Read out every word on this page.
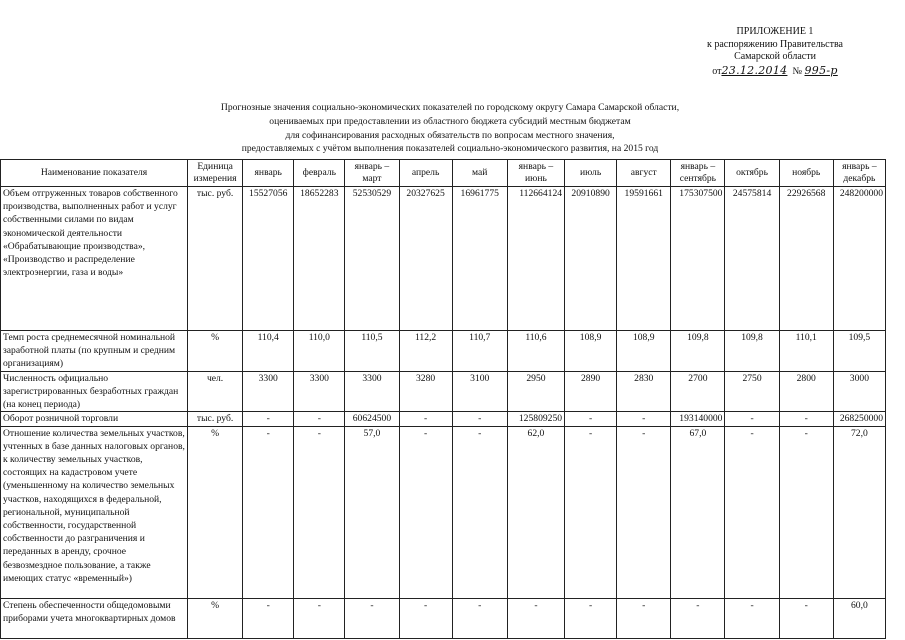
ПРИЛОЖЕНИЕ 1
к распоряжению Правительства
Самарской области
от23.12.2014 № 995-р
Прогнозные значения социально-экономических показателей по городскому округу Самара Самарской области,
оцениваемых при предоставлении из областного бюджета субсидий местным бюджетам
для софинансирования расходных обязательств по вопросам местного значения,
предоставляемых с учётом выполнения показателей социально-экономического развития, на 2015 год
Наименование показателя	Единица измерения	январь	февраль	январь – март	апрель	май	январь – июнь	июль	август	январь – сентябрь	октябрь	ноябрь	январь – декабрь
Объем отгруженных товаров собственного производства, выполненных работ и услуг собственными силами по видам экономической деятельности «Обрабатывающие производства», «Производство и распределение электроэнергии, газа и воды»	тыс. руб.	15527056	18652283	52530529	20327625	16961775	112664124	20910890	19591661	175307500	24575814	22926568	248200000
Темп роста среднемесячной номинальной заработной платы (по крупным и средним организациям)	%	110,4	110,0	110,5	112,2	110,7	110,6	108,9	108,9	109,8	109,8	110,1	109,5
Численность официально зарегистрированных безработных граждан (на конец периода)	чел.	3300	3300	3300	3280	3100	2950	2890	2830	2700	2750	2800	3000
Оборот розничной торговли	тыс. руб.	-	-	60624500	-	-	125809250	-	-	193140000	-	-	268250000
Отношение количества земельных участков, учтенных в базе данных налоговых органов, к количеству земельных участков, состоящих на кадастровом учете (уменьшенному на количество земельных участков, находящихся в федеральной, региональной, муниципальной собственности, государственной собственности до разграничения и переданных в аренду, срочное безвозмездное пользование, а также имеющих статус «временный»)	%	-	-	57,0	-	-	62,0	-	-	67,0	-	-	72,0
Степень обеспеченности общедомовыми приборами учета многоквартирных домов	%	-	-	-	-	-	-	-	-	-	-	-	60,0
